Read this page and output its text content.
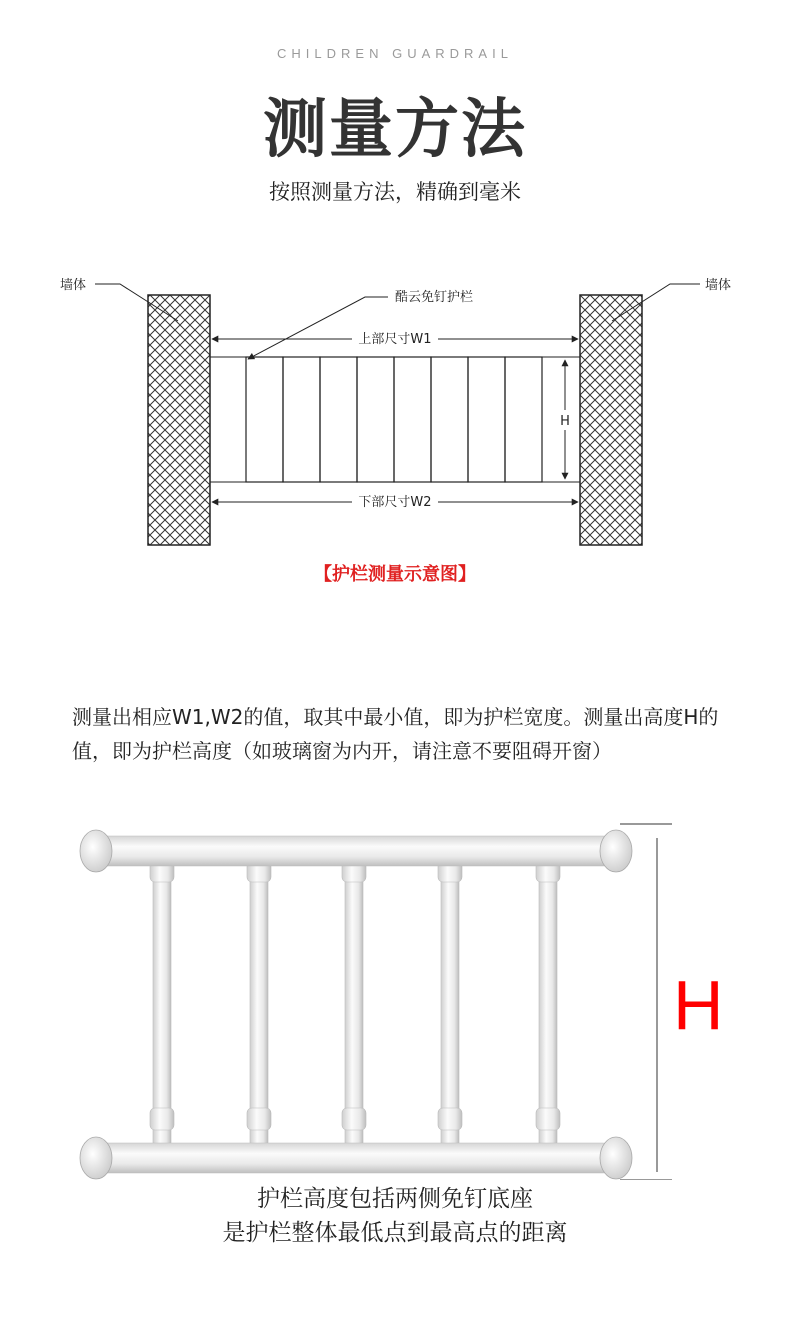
CHILDREN GUARDRAIL
测量方法
按照测量方法，精确到毫米
墙体	墙体
酷云免钉护栏
上部尺寸W1
H
下部尺寸W2
【护栏测量示意图】
测量出相应W1,W2的值，取其中最小值，即为护栏宽度。测量出高度H的值，即为护栏高度（如玻璃窗为内开，请注意不要阻碍开窗）
H
护栏高度包括两侧免钉底座
是护栏整体最低点到最高点的距离
